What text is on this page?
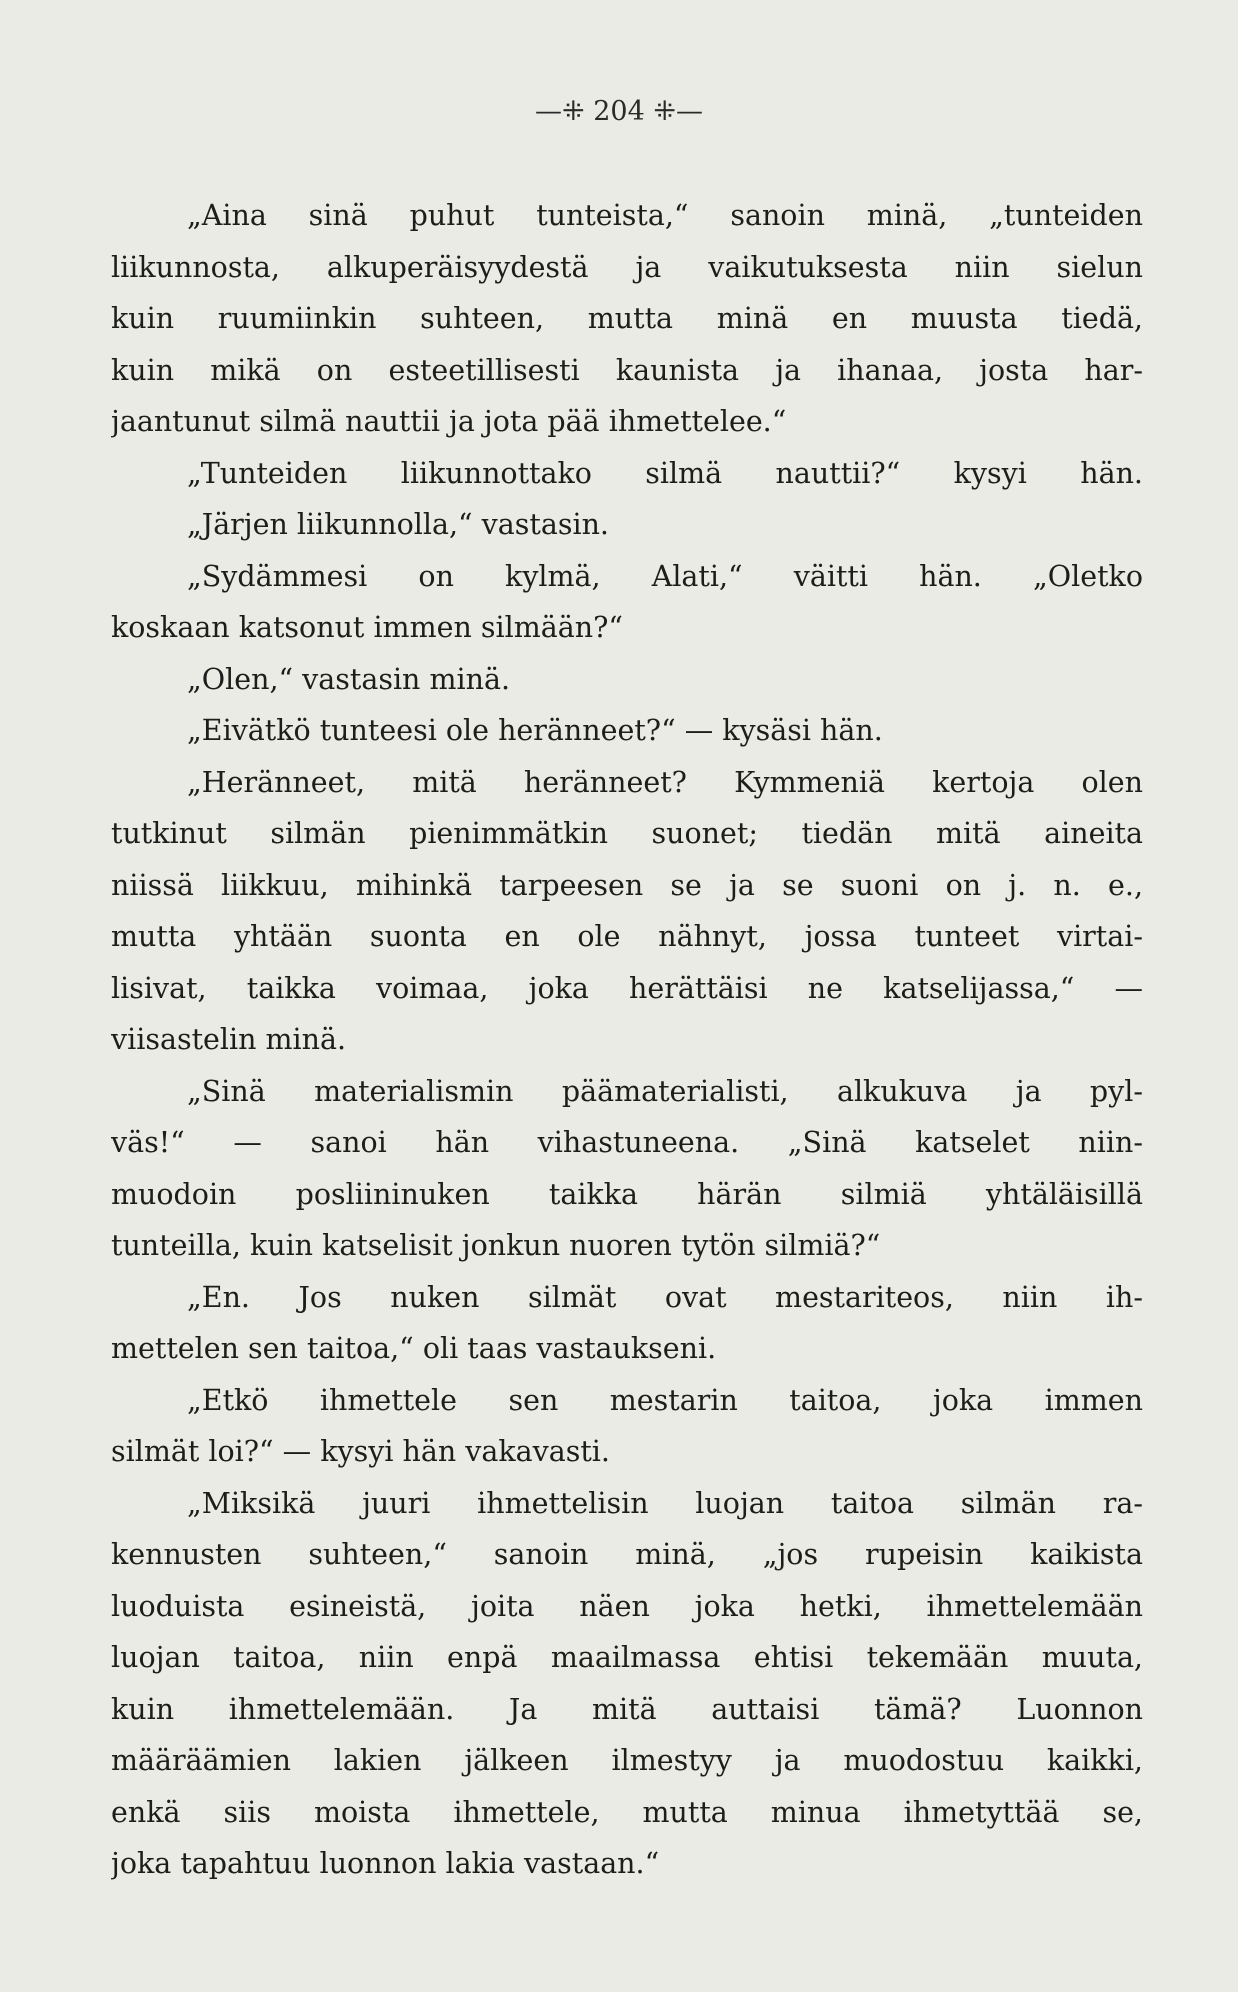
—⁜ 204 ⁜—
„Aina sinä puhut tunteista,“ sanoin minä, „tunteiden
liikunnosta, alkuperäisyydestä ja vaikutuksesta niin sielun
kuin ruumiinkin suhteen, mutta minä en muusta tiedä,
kuin mikä on esteetillisesti kaunista ja ihanaa, josta har-
jaantunut silmä nauttii ja jota pää ihmettelee.“
„Tunteiden liikunnottako silmä nauttii?“ kysyi hän.
„Järjen liikunnolla,“ vastasin.
„Sydämmesi on kylmä, Alati,“ väitti hän. „Oletko
koskaan katsonut immen silmään?“
„Olen,“ vastasin minä.
„Eivätkö tunteesi ole heränneet?“ — kysäsi hän.
„Heränneet, mitä heränneet? Kymmeniä kertoja olen
tutkinut silmän pienimmätkin suonet; tiedän mitä aineita
niissä liikkuu, mihinkä tarpeesen se ja se suoni on j. n. e.,
mutta yhtään suonta en ole nähnyt, jossa tunteet virtai-
lisivat, taikka voimaa, joka herättäisi ne katselijassa,“ —
viisastelin minä.
„Sinä materialismin päämaterialisti, alkukuva ja pyl-
väs!“ — sanoi hän vihastuneena. „Sinä katselet niin-
muodoin posliininuken taikka härän silmiä yhtäläisillä
tunteilla, kuin katselisit jonkun nuoren tytön silmiä?“
„En. Jos nuken silmät ovat mestariteos, niin ih-
mettelen sen taitoa,“ oli taas vastaukseni.
„Etkö ihmettele sen mestarin taitoa, joka immen
silmät loi?“ — kysyi hän vakavasti.
„Miksikä juuri ihmettelisin luojan taitoa silmän ra-
kennusten suhteen,“ sanoin minä, „jos rupeisin kaikista
luoduista esineistä, joita näen joka hetki, ihmettelemään
luojan taitoa, niin enpä maailmassa ehtisi tekemään muuta,
kuin ihmettelemään. Ja mitä auttaisi tämä? Luonnon
määräämien lakien jälkeen ilmestyy ja muodostuu kaikki,
enkä siis moista ihmettele, mutta minua ihmetyttää se,
joka tapahtuu luonnon lakia vastaan.“
